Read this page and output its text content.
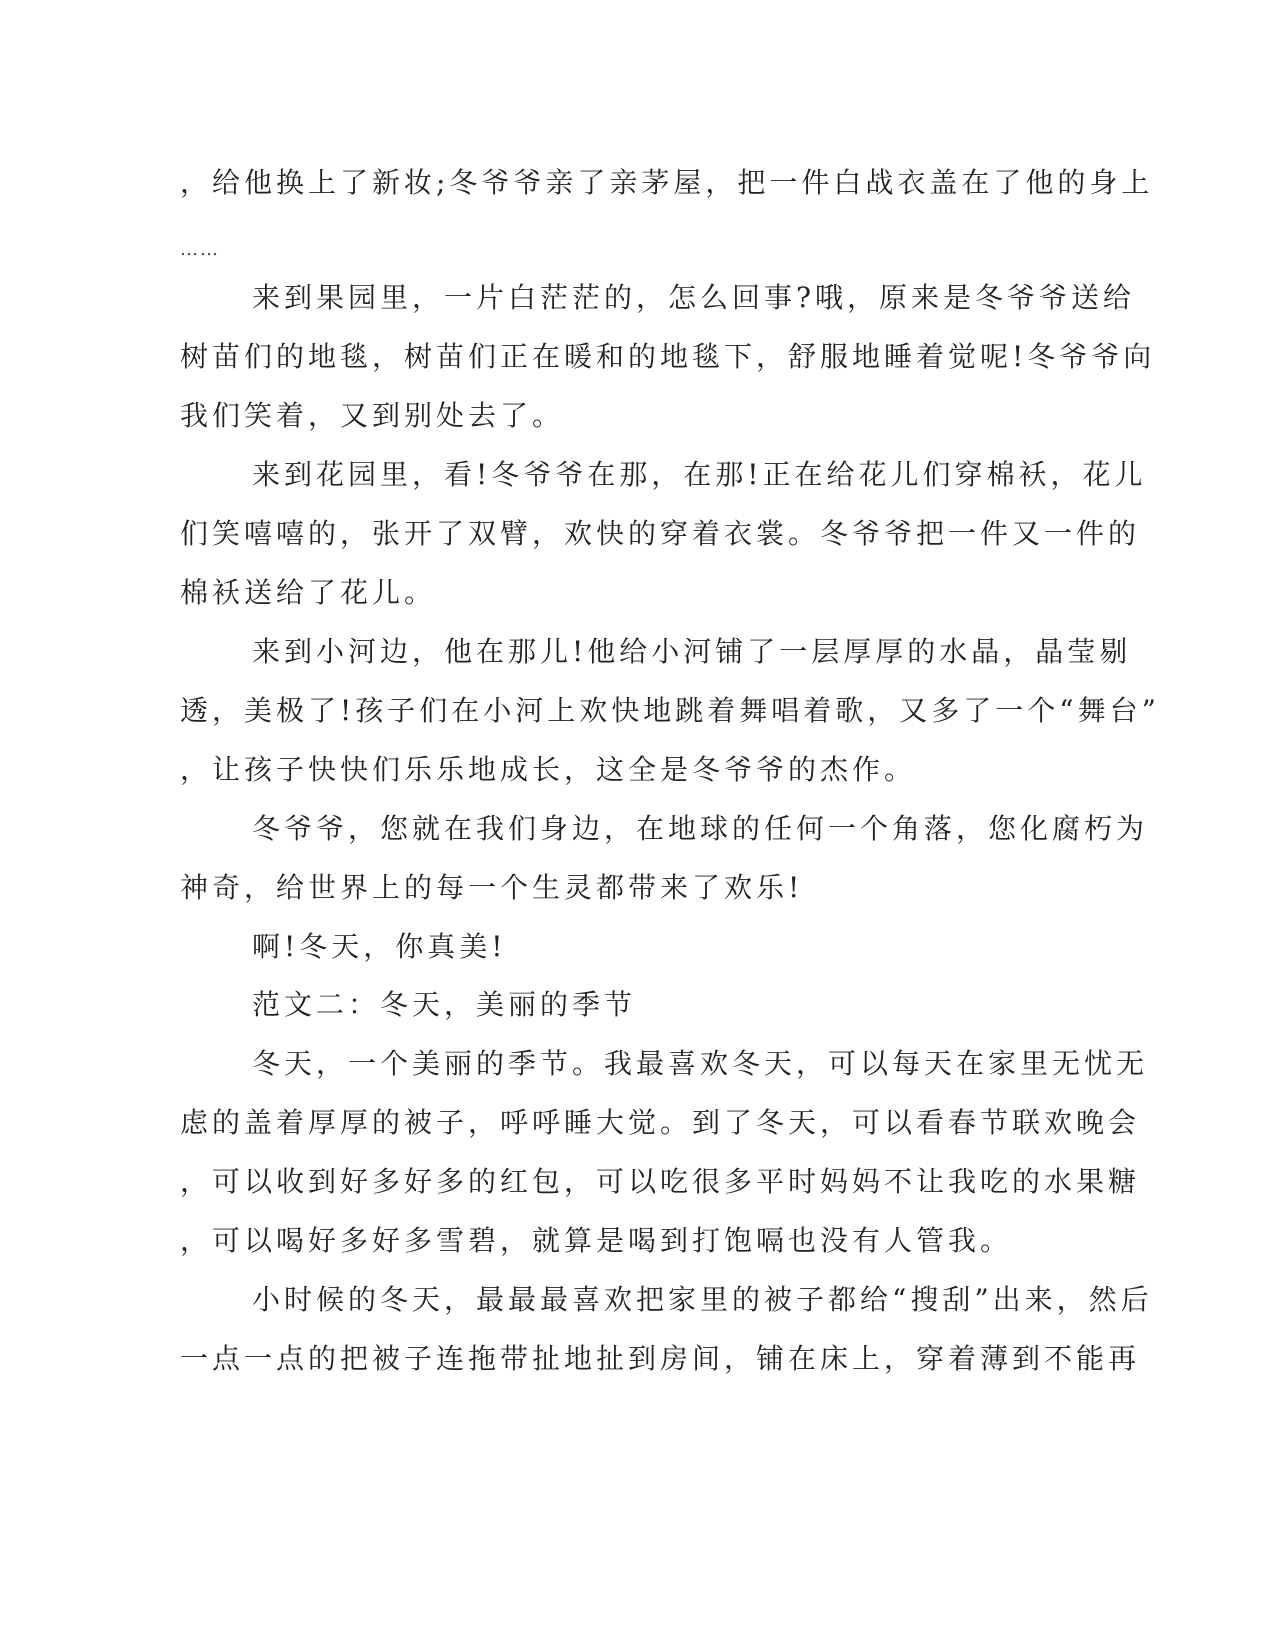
，给他换上了新妆;冬爷爷亲了亲茅屋，把一件白战衣盖在了他的身上
……
来到果园里，一片白茫茫的，怎么回事?哦，原来是冬爷爷送给
树苗们的地毯，树苗们正在暖和的地毯下，舒服地睡着觉呢!冬爷爷向
我们笑着，又到别处去了。
来到花园里，看!冬爷爷在那，在那!正在给花儿们穿棉袄，花儿
们笑嘻嘻的，张开了双臂，欢快的穿着衣裳。冬爷爷把一件又一件的
棉袄送给了花儿。
来到小河边，他在那儿!他给小河铺了一层厚厚的水晶，晶莹剔
透，美极了!孩子们在小河上欢快地跳着舞唱着歌，又多了一个“舞台”
，让孩子快快们乐乐地成长，这全是冬爷爷的杰作。
冬爷爷，您就在我们身边，在地球的任何一个角落，您化腐朽为
神奇，给世界上的每一个生灵都带来了欢乐!
啊!冬天，你真美!
范文二：冬天，美丽的季节
冬天，一个美丽的季节。我最喜欢冬天，可以每天在家里无忧无
虑的盖着厚厚的被子，呼呼睡大觉。到了冬天，可以看春节联欢晚会
，可以收到好多好多的红包，可以吃很多平时妈妈不让我吃的水果糖
，可以喝好多好多雪碧，就算是喝到打饱嗝也没有人管我。
小时候的冬天，最最最喜欢把家里的被子都给“搜刮”出来，然后
一点一点的把被子连拖带扯地扯到房间，铺在床上，穿着薄到不能再
